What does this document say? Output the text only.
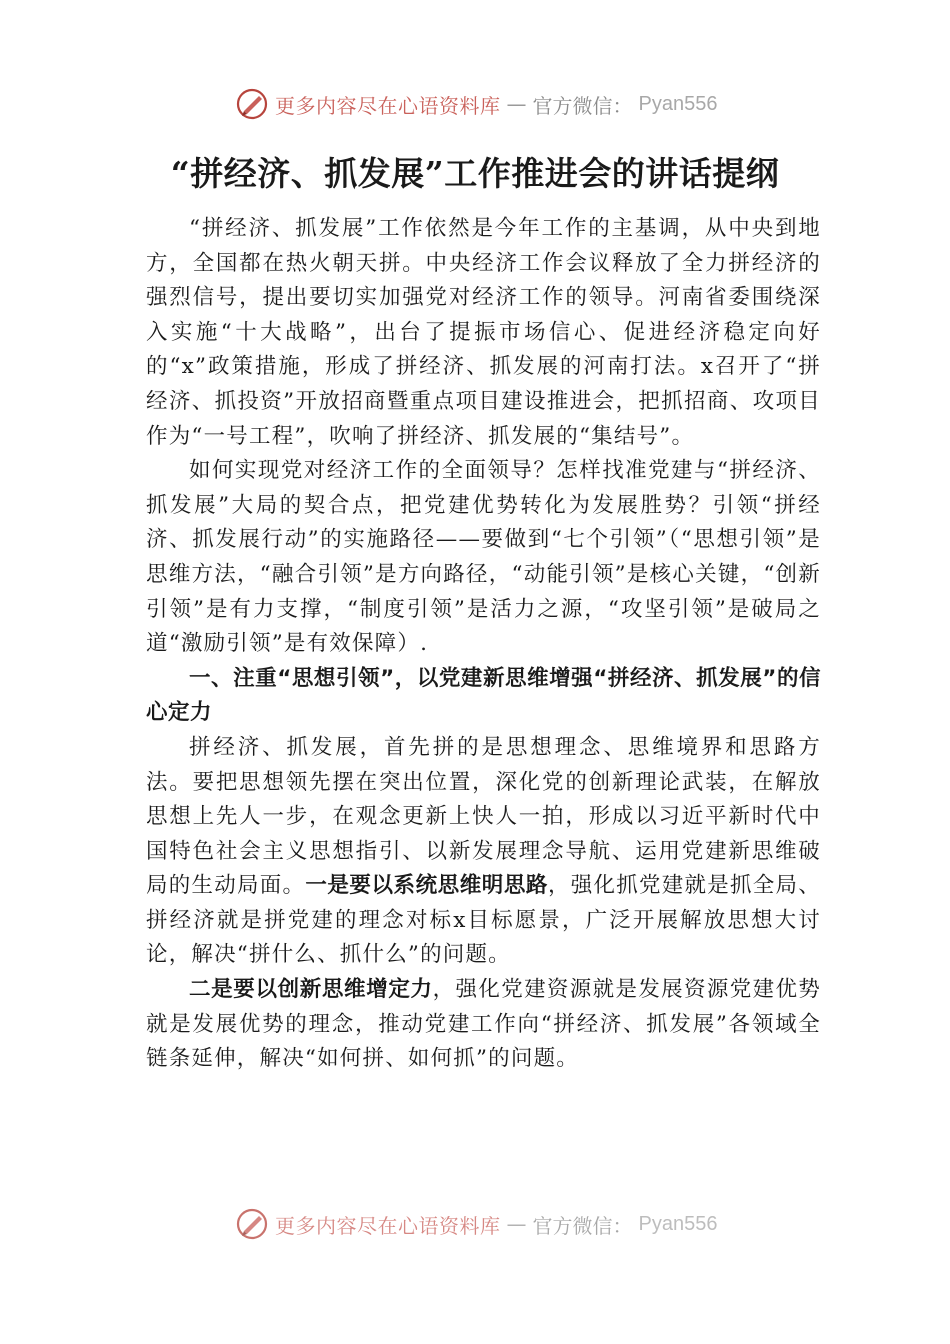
更多内容尽在心语资料库 — 官方微信： Pyan556
“拼经济、抓发展”工作推进会的讲话提纲

“拼经济、抓发展”工作依然是今年工作的主基调，从中央到地方，全国都在热火朝天拼。中央经济工作会议释放了全力拼经济的强烈信号，提出要切实加强党对经济工作的领导。河南省委围绕深入实施“十大战略”，出台了提振市场信心、促进经济稳定向好的“x”政策措施，形成了拼经济、抓发展的河南打法。x召开了“拼经济、抓投资”开放招商暨重点项目建设推进会，把抓招商、攻项目作为“一号工程”，吹响了拼经济、抓发展的“集结号”。

如何实现党对经济工作的全面领导？怎样找准党建与“拼经济、抓发展”大局的契合点，把党建优势转化为发展胜势？引领“拼经济、抓发展行动”的实施路径——要做到“七个引领”（“思想引领”是思维方法，“融合引领”是方向路径，“动能引领”是核心关键，“创新引领”是有力支撑，“制度引领”是活力之源，“攻坚引领”是破局之道“激励引领”是有效保障）.

一、注重“思想引领”，以党建新思维增强“拼经济、抓发展”的信心定力

拼经济、抓发展，首先拼的是思想理念、思维境界和思路方法。要把思想领先摆在突出位置，深化党的创新理论武装，在解放思想上先人一步，在观念更新上快人一拍，形成以习近平新时代中国特色社会主义思想指引、以新发展理念导航、运用党建新思维破局的生动局面。一是要以系统思维明思路，强化抓党建就是抓全局、拼经济就是拼党建的理念对标x目标愿景，广泛开展解放思想大讨论，解决“拼什么、抓什么”的问题。

二是要以创新思维增定力，强化党建资源就是发展资源党建优势就是发展优势的理念，推动党建工作向“拼经济、抓发展”各领域全链条延伸，解决“如何拼、如何抓”的问题。

更多内容尽在心语资料库 — 官方微信： Pyan556
